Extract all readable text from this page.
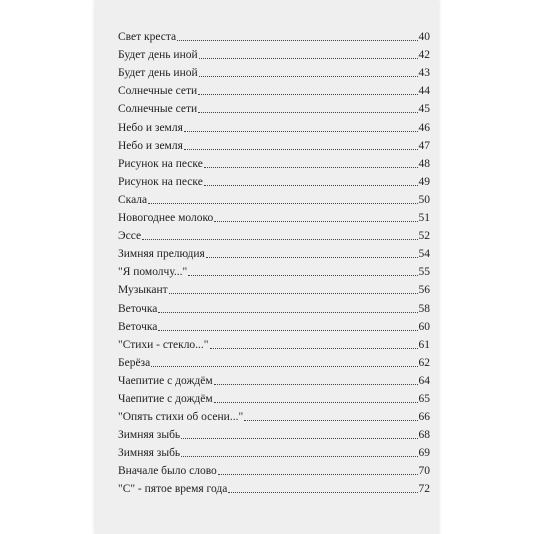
Свет креста	40
Будет день иной	42
Будет день иной	43
Солнечные сети	44
Солнечные сети	45
Небо и земля	46
Небо и земля	47
Рисунок на песке	48
Рисунок на песке	49
Скала	50
Новогоднее молоко	51
Эссе	52
Зимняя прелюдия	54
"Я помолчу..."	55
Музыкант	56
Веточка	58
Веточка	60
"Стихи - стекло..."	61
Берёза	62
Чаепитие с дождём	64
Чаепитие с дождём	65
"Опять стихи об осени..."	66
Зимняя зыбь	68
Зимняя зыбь	69
Вначале было слово	70
"С" - пятое время года	72
